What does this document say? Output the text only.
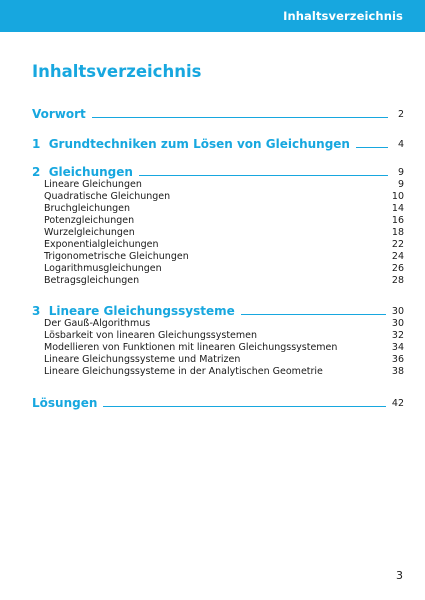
Inhaltsverzeichnis
Inhaltsverzeichnis
Vorwort	2
1  Grundtechniken zum Lösen von Gleichungen	4
2  Gleichungen	9
Lineare Gleichungen	9
Quadratische Gleichungen	10
Bruchgleichungen	14
Potenzgleichungen	16
Wurzelgleichungen	18
Exponentialgleichungen	22
Trigonometrische Gleichungen	24
Logarithmusgleichungen	26
Betragsgleichungen	28
3  Lineare Gleichungssysteme	30
Der Gauß-Algorithmus	30
Lösbarkeit von linearen Gleichungssystemen	32
Modellieren von Funktionen mit linearen Gleichungssystemen	34
Lineare Gleichungssysteme und Matrizen	36
Lineare Gleichungssysteme in der Analytischen Geometrie	38
Lösungen	42
3
